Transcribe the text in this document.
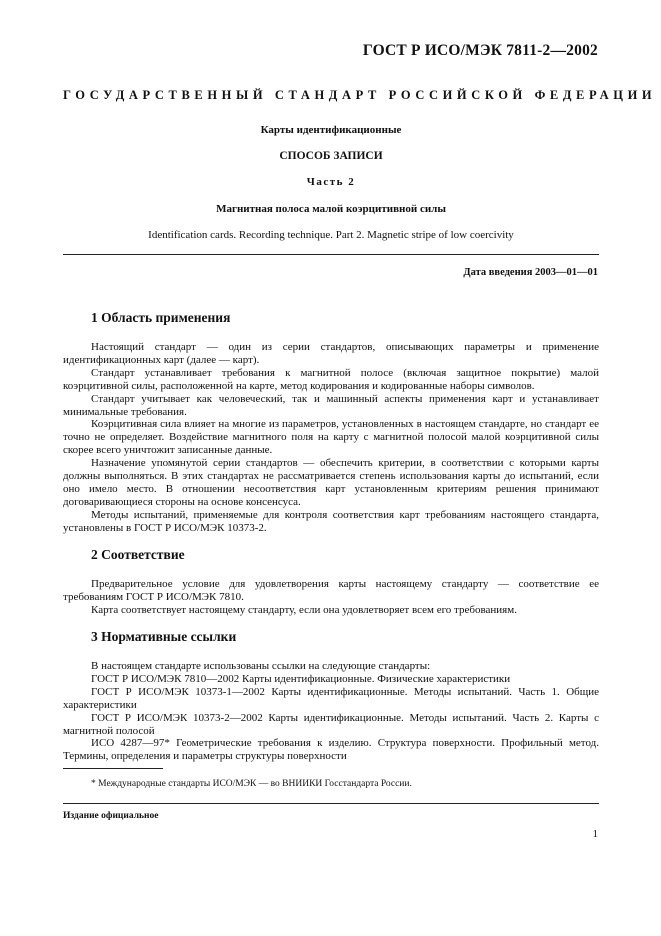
ГОСТ Р ИСО/МЭК 7811-2—2002
ГОСУДАРСТВЕННЫЙ СТАНДАРТ РОССИЙСКОЙ ФЕДЕРАЦИИ
Карты идентификационные
СПОСОБ ЗАПИСИ
Часть 2
Магнитная полоса малой коэрцитивной силы
Identification cards. Recording technique. Part 2. Magnetic stripe of low coercivity
Дата введения 2003—01—01
1 Область применения

Настоящий стандарт — один из серии стандартов, описывающих параметры и применение идентификационных карт (далее — карт).

Стандарт устанавливает требования к магнитной полосе (включая защитное покрытие) малой коэрцитивной силы, расположенной на карте, метод кодирования и кодированные наборы символов.

Стандарт учитывает как человеческий, так и машинный аспекты применения карт и устанавливает минимальные требования.

Коэрцитивная сила влияет на многие из параметров, установленных в настоящем стандарте, но стандарт ее точно не определяет. Воздействие магнитного поля на карту с магнитной полосой малой коэрцитивной силы скорее всего уничтожит записанные данные.

Назначение упомянутой серии стандартов — обеспечить критерии, в соответствии с которыми карты должны выполняться. В этих стандартах не рассматривается степень использования карты до испытаний, если оно имело место. В отношении несоответствия карт установленным критериям решения принимают договаривающиеся стороны на основе консенсуса.

Методы испытаний, применяемые для контроля соответствия карт требованиям настоящего стандарта, установлены в ГОСТ Р ИСО/МЭК 10373-2.

2 Соответствие

Предварительное условие для удовлетворения карты настоящему стандарту — соответствие ее требованиям ГОСТ Р ИСО/МЭК 7810.

Карта соответствует настоящему стандарту, если она удовлетворяет всем его требованиям.

3 Нормативные ссылки

В настоящем стандарте использованы ссылки на следующие стандарты:

ГОСТ Р ИСО/МЭК 7810—2002 Карты идентификационные. Физические характеристики

ГОСТ Р ИСО/МЭК 10373-1—2002 Карты идентификационные. Методы испытаний. Часть 1. Общие характеристики

ГОСТ Р ИСО/МЭК 10373-2—2002 Карты идентификационные. Методы испытаний. Часть 2. Карты с магнитной полосой

ИСО 4287—97* Геометрические требования к изделию. Структура поверхности. Профильный метод. Термины, определения и параметры структуры поверхности

* Международные стандарты ИСО/МЭК — во ВНИИКИ Госстандарта России.
Издание официальное
1
